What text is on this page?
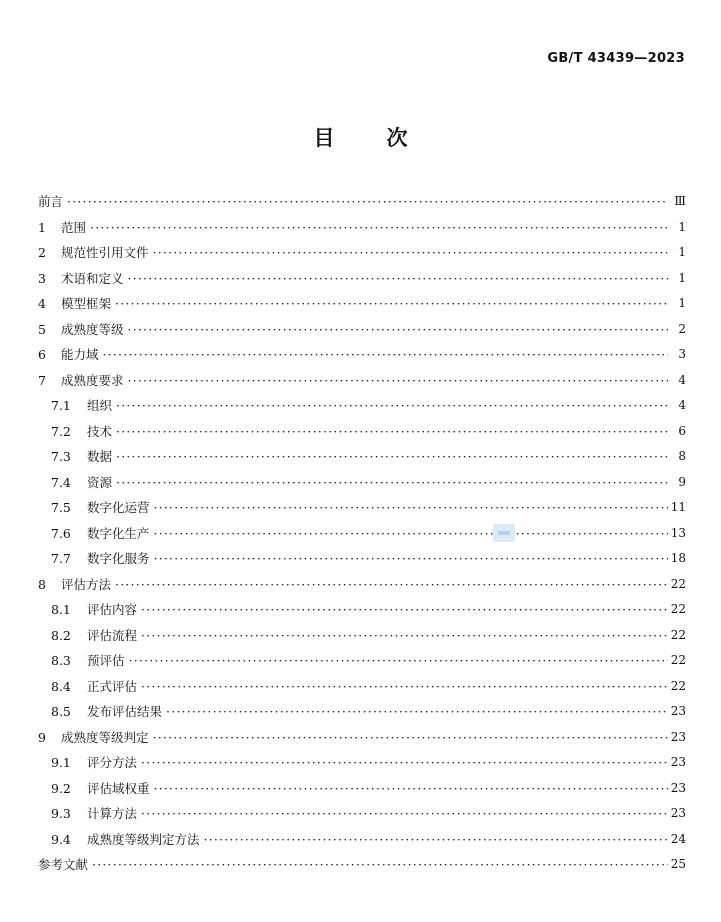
GB/T 43439—2023
目 次
前言 ·····	Ⅲ
1 范围 ·····	1
2 规范性引用文件 ·····	1
3 术语和定义 ·····	1
4 模型框架 ·····	1
5 成熟度等级 ·····	2
6 能力域 ·····	3
7 成熟度要求 ·····	4
7.1 组织 ·····	4
7.2 技术 ·····	6
7.3 数据 ·····	8
7.4 资源 ·····	9
7.5 数字化运营 ·····	11
7.6 数字化生产 ·····	13
7.7 数字化服务 ·····	18
8 评估方法 ·····	22
8.1 评估内容 ·····	22
8.2 评估流程 ·····	22
8.3 预评估 ·····	22
8.4 正式评估 ·····	22
8.5 发布评估结果 ·····	23
9 成熟度等级判定 ·····	23
9.1 评分方法 ·····	23
9.2 评估域权重 ·····	23
9.3 计算方法 ·····	23
9.4 成熟度等级判定方法 ·····	24
参考文献 ·····	25
